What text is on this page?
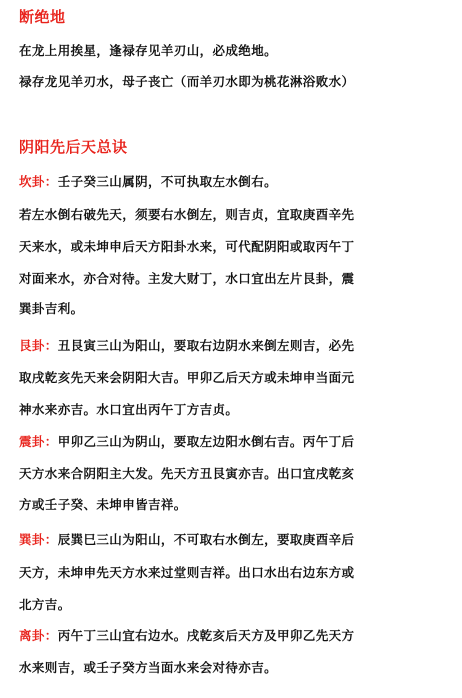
断绝地
在龙上用挨星，逢禄存见羊刃山，必成绝地。
禄存龙见羊刃水，母子丧亡（而羊刃水即为桃花淋浴败水）
阴阳先后天总诀
坎卦：壬子癸三山属阴，不可执取左水倒右。
若左水倒右破先天，须要右水倒左，则吉贞，宜取庚酉辛先
天来水，或未坤申后天方阳卦水来，可代配阴阳或取丙午丁
对面来水，亦合对待。主发大财丁，水口宜出左片艮卦，震
巽卦吉利。
艮卦：丑艮寅三山为阳山，要取右边阴水来倒左则吉，必先
取戌乾亥先天来会阴阳大吉。甲卯乙后天方或未坤申当面元
神水来亦吉。水口宜出丙午丁方吉贞。
震卦：甲卯乙三山为阴山，要取左边阳水倒右吉。丙午丁后
天方水来合阴阳主大发。先天方丑艮寅亦吉。出口宜戌乾亥
方或壬子癸、未坤申皆吉祥。
巽卦：辰巽巳三山为阳山，不可取右水倒左，要取庚酉辛后
天方，未坤申先天方水来过堂则吉祥。出口水出右边东方或
北方吉。
离卦：丙午丁三山宜右边水。戌乾亥后天方及甲卯乙先天方
水来则吉，或壬子癸方当面水来会对待亦吉。
